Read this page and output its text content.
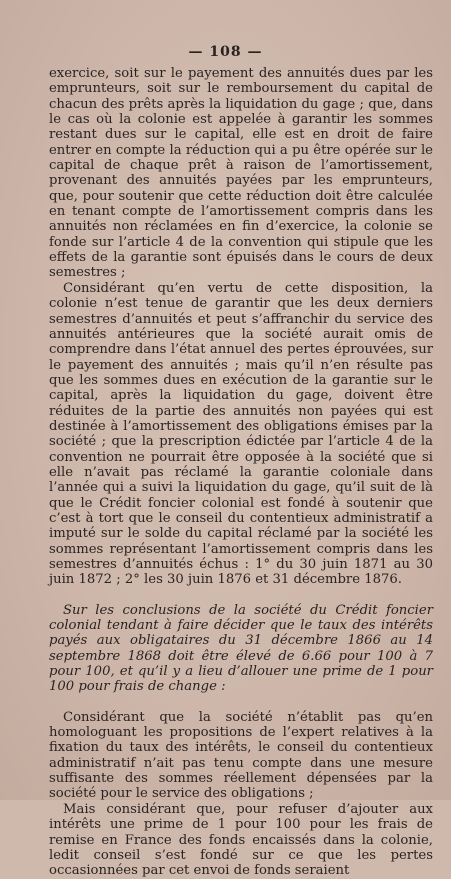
— 108 —

exercice, soit sur le payement des annuités dues par les emprunteurs, soit sur le remboursement du capital de chacun des prêts après la liquidation du gage ; que, dans le cas où la colonie est appelée à garantir les sommes restant dues sur le capital, elle est en droit de faire entrer en compte la réduction qui a pu être opérée sur le capital de chaque prêt à raison de l’amortissement, provenant des annuités payées par les emprunteurs, que, pour soutenir que cette réduction doit être calculée en tenant compte de l’amortissement compris dans les annuités non réclamées en fin d’exercice, la colonie se fonde sur l’article 4 de la convention qui stipule que les effets de la garantie sont épuisés dans le cours de deux semestres ;

Considérant qu’en vertu de cette disposition, la colonie n’est tenue de garantir que les deux derniers semestres d’annuités et peut s’affranchir du service des annuités antérieures que la société aurait omis de comprendre dans l’état annuel des pertes éprouvées, sur le payement des annuités ; mais qu’il n’en résulte pas que les sommes dues en exécution de la garantie sur le capital, après la liquidation du gage, doivent être réduites de la partie des annuités non payées qui est destinée à l’amortissement des obligations émises par la société ; que la prescription édictée par l’article 4 de la convention ne pourrait être opposée à la société que si elle n’avait pas réclamé la garantie coloniale dans l’année qui a suivi la liquidation du gage, qu’il suit de là que le Crédit foncier colonial est fondé à soutenir que c’est à tort que le conseil du contentieux administratif a imputé sur le solde du capital réclamé par la société les sommes représentant l’amortissement compris dans les semestres d’annuités échus : 1° du 30 juin 1871 au 30 juin 1872 ; 2° les 30 juin 1876 et 31 décembre 1876.

Sur les conclusions de la société du Crédit foncier colonial tendant à faire décider que le taux des intérêts payés aux obligataires du 31 décembre 1866 au 14 septembre 1868 doit être élevé de 6.66 pour 100 à 7 pour 100, et qu’il y a lieu d’allouer une prime de 1 pour 100 pour frais de change :

Considérant que la société n’établit pas qu’en homologuant les propositions de l’expert relatives à la fixation du taux des intérêts, le conseil du contentieux administratif n’ait pas tenu compte dans une mesure suffisante des sommes réellement dépensées par la société pour le service des obligations ;

Mais considérant que, pour refuser d’ajouter aux intérêts une prime de 1 pour 100 pour les frais de remise en France des fonds encaissés dans la colonie, ledit conseil s’est fondé sur ce que les pertes occasionnées par cet envoi de fonds seraient
